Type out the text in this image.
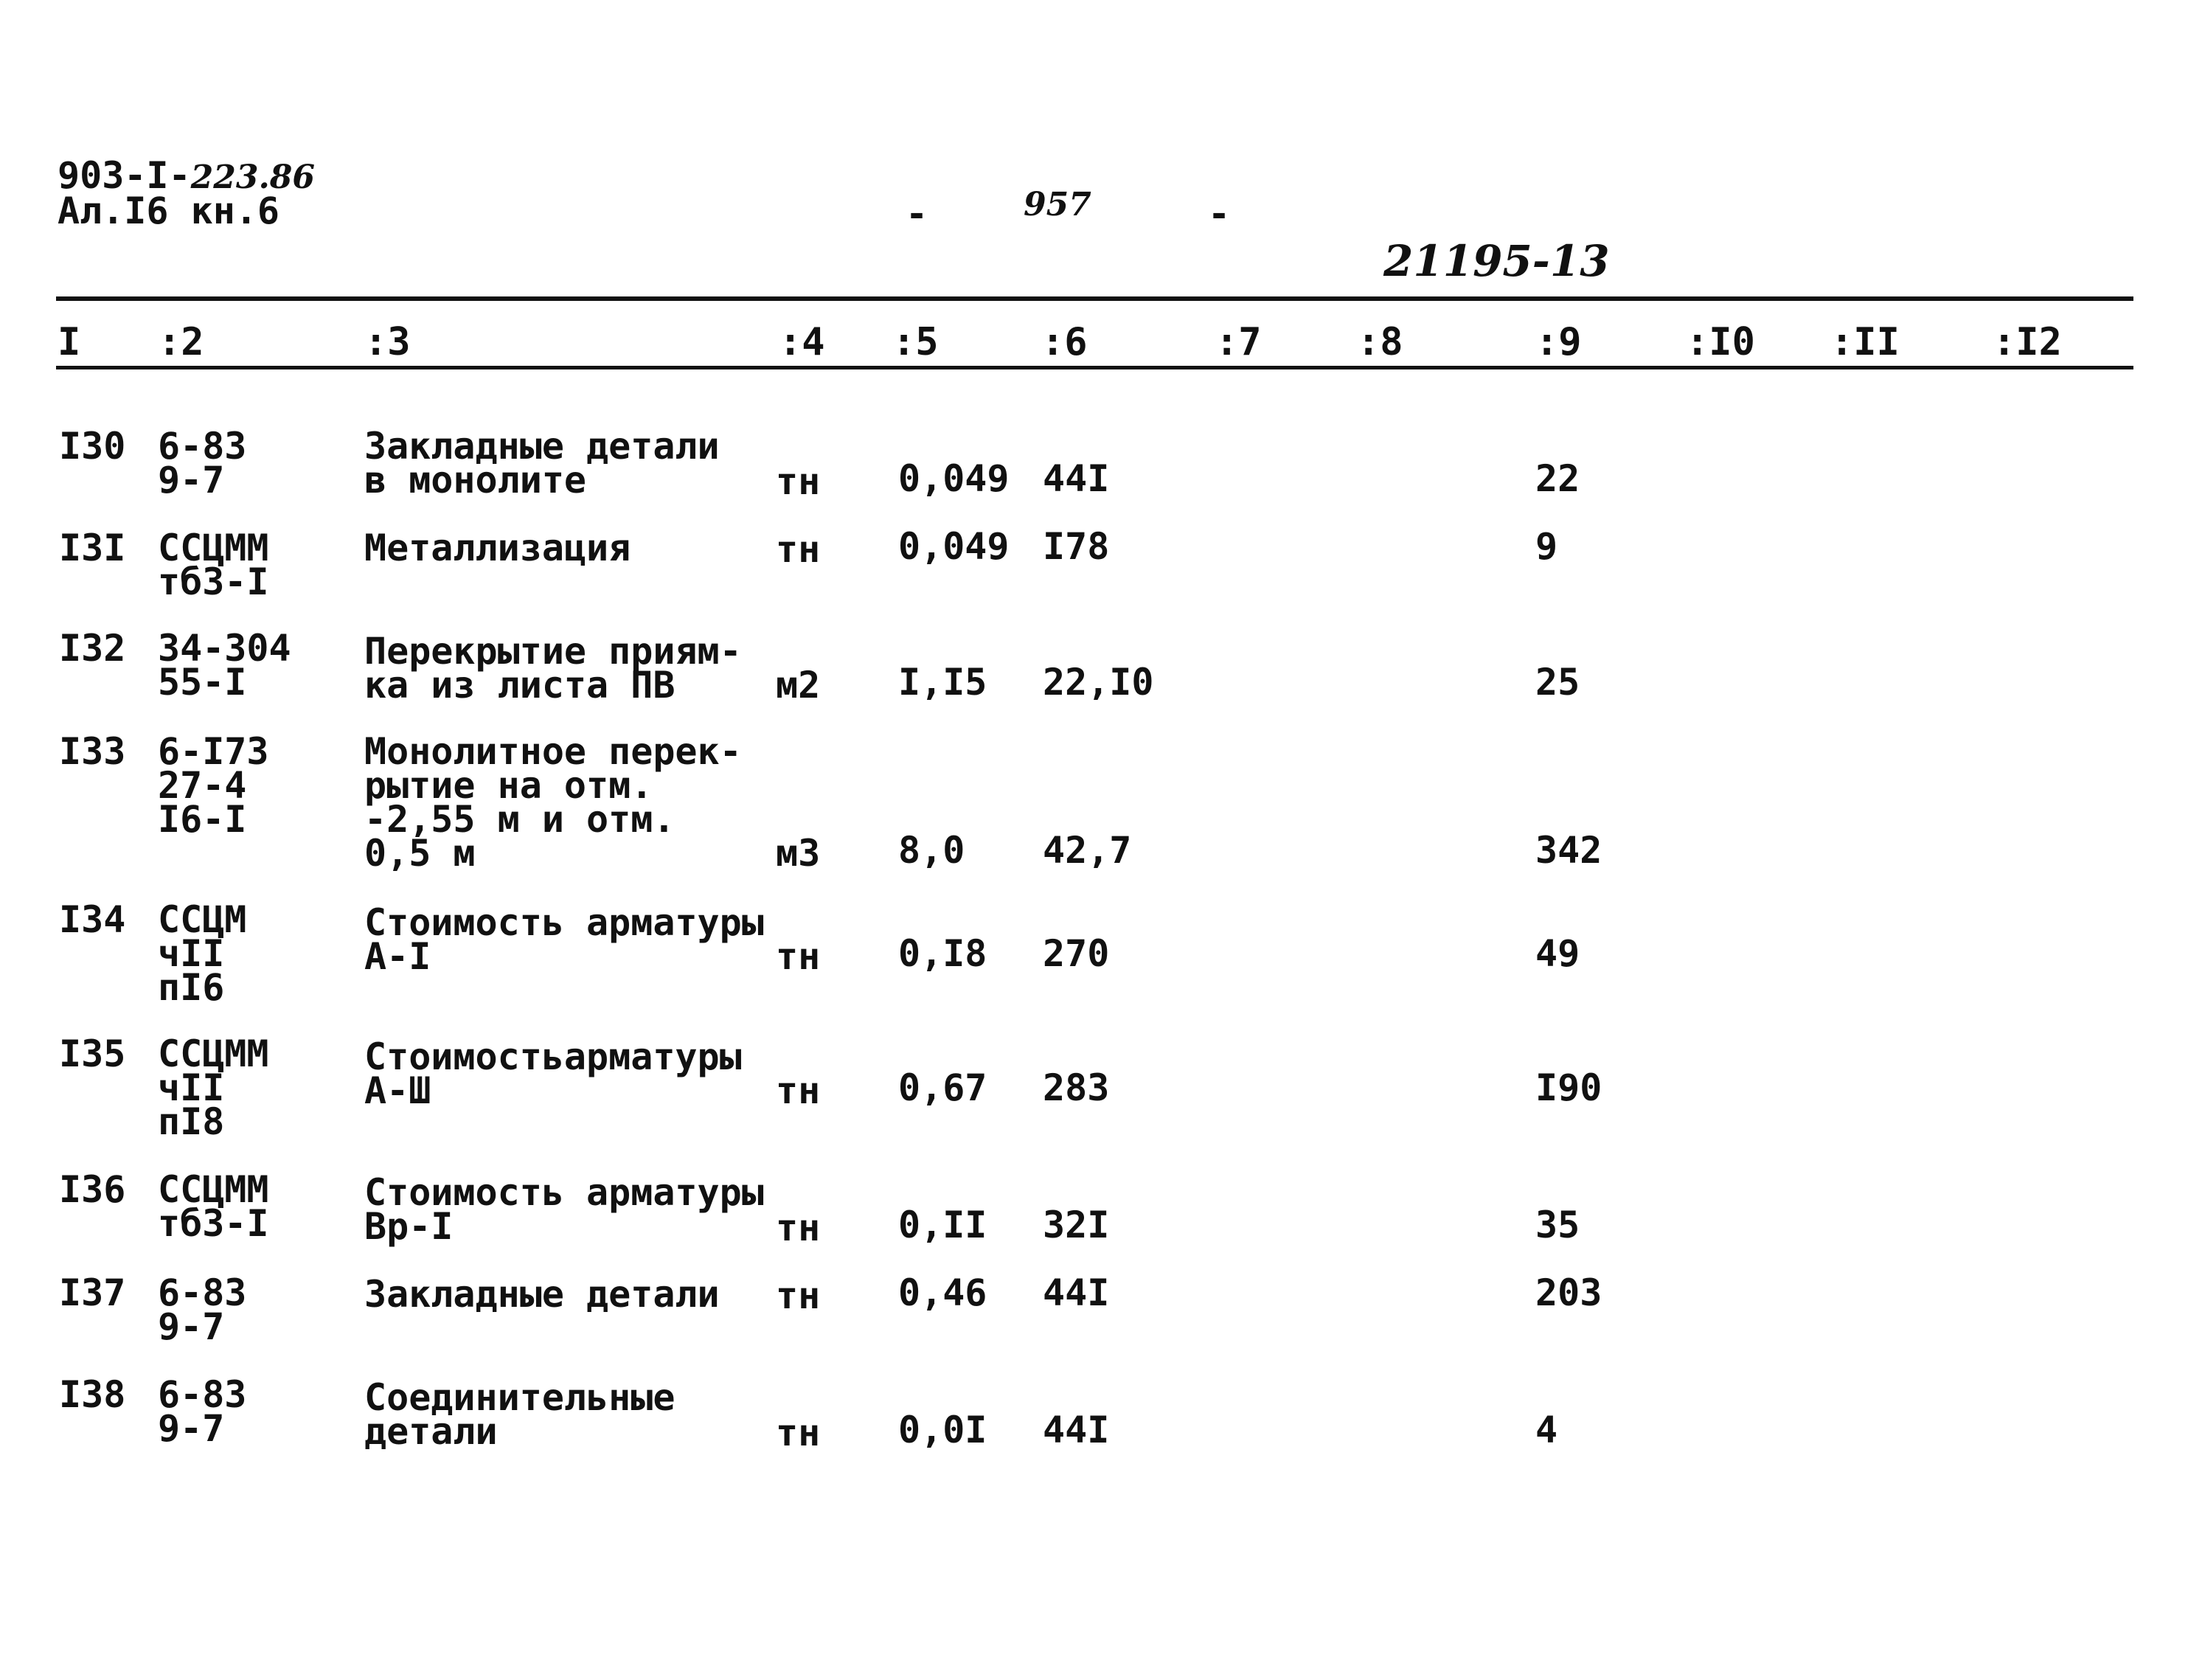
903-I-223.86
Ал.I6 кн.6	-	957	-
21195-13
I :2	:3	:4 :5	:6	:7 :8	:9	:I0 :II :I2
I30 6-83
9-7
Закладные детали
в монолите	тн 0,049 44I	22
I3I ССЦММ
тб3-I
Металлизация	тн 0,049 I78	9
I32 34-304
55-I
Перекрытие приям-
ка из листа ПВ	м2 I,I5 22,I0	25
I33 6-I73
27-4
I6-I
Монолитное перек-
рытие на отм.
-2,55 м и отм.
0,5 м	м3 8,0 42,7	342
I34 ССЦМ
чII
пI6
Стоимость арматуры
А-I	тн 0,I8 270	49
I35 ССЦММ
чII
пI8
Стоимостьарматуры
А-Ш	тн 0,67 283	I90
I36 ССЦММ
тб3-I
Стоимость арматуры
Вр-I	тн 0,II 32I	35
I37 6-83
9-7
Закладные детали тн 0,46 44I	203
I38 6-83
9-7
Соединительные
детали	тн 0,0I 44I	4
